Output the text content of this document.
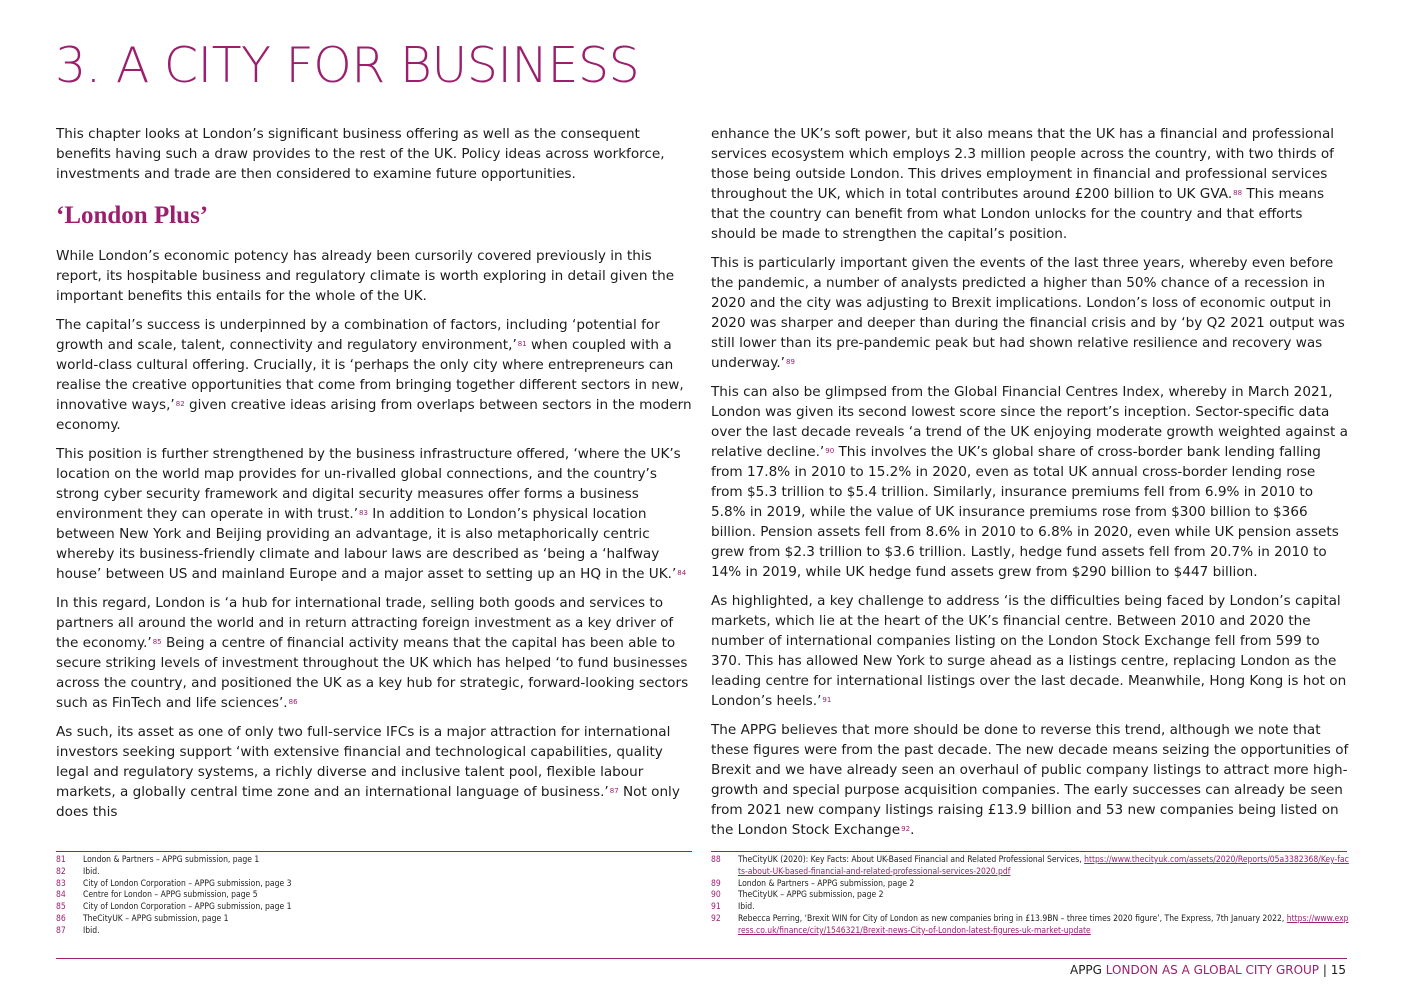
3. A CITY FOR BUSINESS

This chapter looks at London’s significant business offering as well as the consequent benefits having such a draw provides to the rest of the UK. Policy ideas across workforce, investments and trade are then considered to examine future opportunities.

‘London Plus’

While London’s economic potency has already been cursorily covered previously in this report, its hospitable business and regulatory climate is worth exploring in detail given the important benefits this entails for the whole of the UK.

The capital’s success is underpinned by a combination of factors, including ‘potential for growth and scale, talent, connectivity and regulatory environment,’$^{81}$ when coupled with a world-class cultural offering. Crucially, it is ‘perhaps the only city where entrepreneurs can realise the creative opportunities that come from bringing together different sectors in new, innovative ways,’$^{82}$ given creative ideas arising from overlaps between sectors in the modern economy.

This position is further strengthened by the business infrastructure offered, ‘where the UK’s location on the world map provides for un-rivalled global connections, and the country’s strong cyber security framework and digital security measures offer forms a business environment they can operate in with trust.’$^{83}$ In addition to London’s physical location between New York and Beijing providing an advantage, it is also metaphorically centric whereby its business-friendly climate and labour laws are described as ‘being a ‘halfway house’ between US and mainland Europe and a major asset to setting up an HQ in the UK.’$^{84}$

In this regard, London is ‘a hub for international trade, selling both goods and services to partners all around the world and in return attracting foreign investment as a key driver of the economy.’$^{85}$ Being a centre of financial activity means that the capital has been able to secure striking levels of investment throughout the UK which has helped ‘to fund businesses across the country, and positioned the UK as a key hub for strategic, forward-looking sectors such as FinTech and life sciences’.$^{86}$

As such, its asset as one of only two full-service IFCs is a major attraction for international investors seeking support ‘with extensive financial and technological capabilities, quality legal and regulatory systems, a richly diverse and inclusive talent pool, flexible labour markets, a globally central time zone and an international language of business.’$^{87}$ Not only does this

enhance the UK’s soft power, but it also means that the UK has a financial and professional services ecosystem which employs 2.3 million people across the country, with two thirds of those being outside London. This drives employment in financial and professional services throughout the UK, which in total contributes around £200 billion to UK GVA.$^{88}$ This means that the country can benefit from what London unlocks for the country and that efforts should be made to strengthen the capital’s position.

This is particularly important given the events of the last three years, whereby even before the pandemic, a number of analysts predicted a higher than 50% chance of a recession in 2020 and the city was adjusting to Brexit implications. London’s loss of economic output in 2020 was sharper and deeper than during the financial crisis and by ‘by Q2 2021 output was still lower than its pre-pandemic peak but had shown relative resilience and recovery was underway.’$^{89}$

This can also be glimpsed from the Global Financial Centres Index, whereby in March 2021, London was given its second lowest score since the report’s inception. Sector-specific data over the last decade reveals ‘a trend of the UK enjoying moderate growth weighted against a relative decline.’$^{90}$ This involves the UK’s global share of cross-border bank lending falling from 17.8% in 2010 to 15.2% in 2020, even as total UK annual cross-border lending rose from $5.3 trillion to $5.4 trillion. Similarly, insurance premiums fell from 6.9% in 2010 to 5.8% in 2019, while the value of UK insurance premiums rose from $300 billion to $366 billion. Pension assets fell from 8.6% in 2010 to 6.8% in 2020, even while UK pension assets grew from $2.3 trillion to $3.6 trillion. Lastly, hedge fund assets fell from 20.7% in 2010 to 14% in 2019, while UK hedge fund assets grew from $290 billion to $447 billion.

As highlighted, a key challenge to address ‘is the difficulties being faced by London’s capital markets, which lie at the heart of the UK’s financial centre. Between 2010 and 2020 the number of international companies listing on the London Stock Exchange fell from 599 to 370. This has allowed New York to surge ahead as a listings centre, replacing London as the leading centre for international listings over the last decade. Meanwhile, Hong Kong is hot on London’s heels.’$^{91}$

The APPG believes that more should be done to reverse this trend, although we note that these figures were from the past decade. The new decade means seizing the opportunities of Brexit and we have already seen an overhaul of public company listings to attract more high-growth and special purpose acquisition companies. The early successes can already be seen from 2021 new company listings raising £13.9 billion and 53 new companies being listed on the London Stock Exchange$^{92}$.

81	London & Partners – APPG submission, page 1
82	Ibid.
83	City of London Corporation – APPG submission, page 3
84	Centre for London – APPG submission, page 5
85	City of London Corporation – APPG submission, page 1
86	TheCityUK – APPG submission, page 1
87	Ibid.
88	TheCityUK (2020): Key Facts: About UK-Based Financial and Related Professional Services, https://www.thecityuk.com/assets/2020/Reports/05a3382368/Key-facts-about-UK-based-financial-and-related-professional-services-2020.pdf
89	London & Partners – APPG submission, page 2
90	TheCityUK – APPG submission, page 2
91	Ibid.
92	Rebecca Perring, ‘Brexit WIN for City of London as new companies bring in £13.9BN – three times 2020 figure’, The Express, 7th January 2022, https://www.express.co.uk/finance/city/1546321/Brexit-news-City-of-London-latest-figures-uk-market-update
APPG LONDON AS A GLOBAL CITY GROUP | 15
